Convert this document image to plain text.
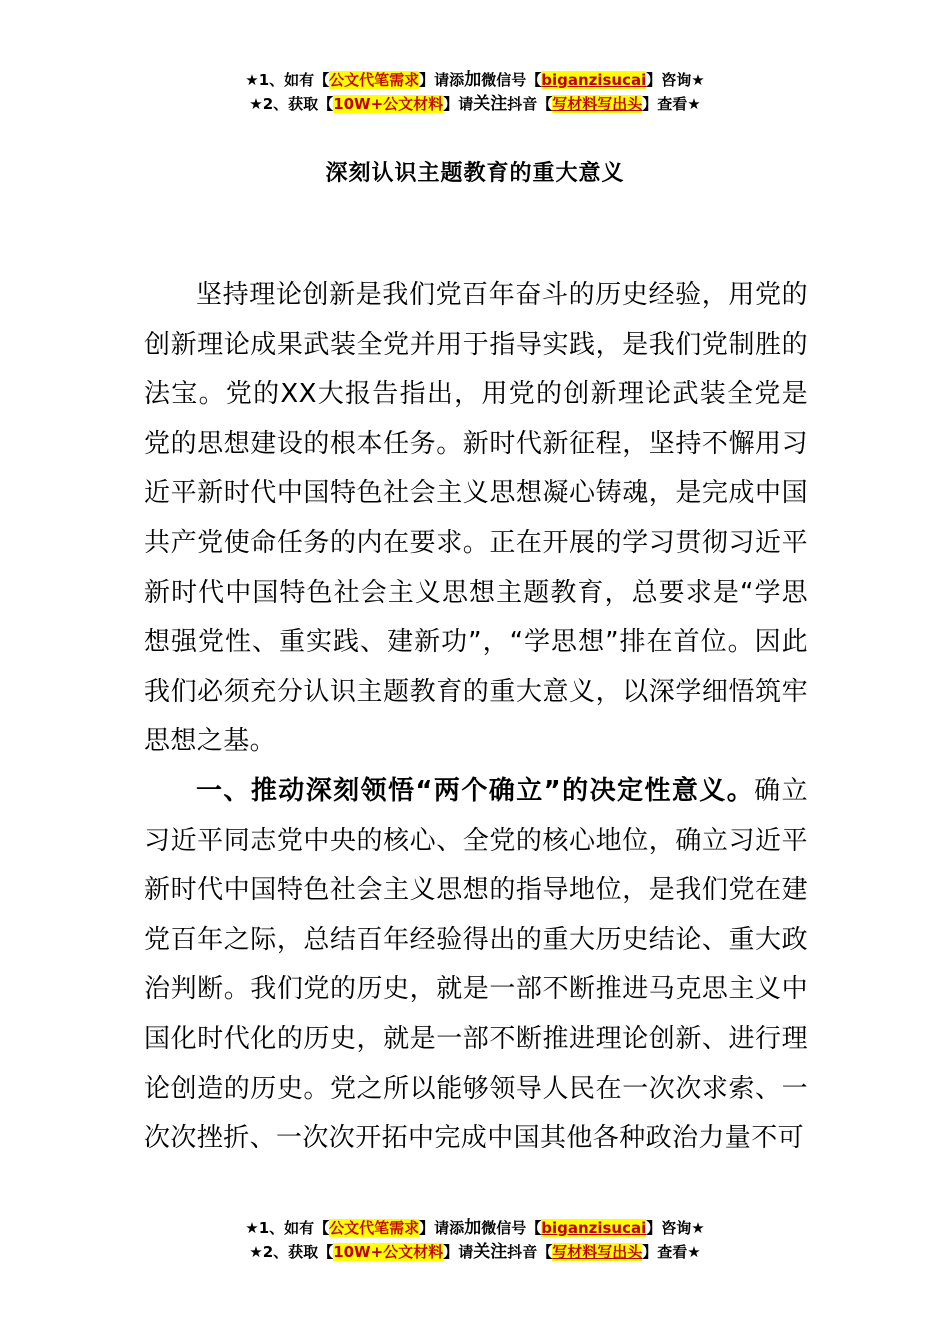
★1、如有【公文代笔需求】请添加微信号【biganzisucai】咨询★
★2、获取【10W+公文材料】请关注抖音【写材料写出头】查看★
深刻认识主题教育的重大意义

坚持理论创新是我们党百年奋斗的历史经验，用党的创新理论成果武装全党并用于指导实践，是我们党制胜的法宝。党的XX大报告指出，用党的创新理论武装全党是党的思想建设的根本任务。新时代新征程，坚持不懈用习近平新时代中国特色社会主义思想凝心铸魂，是完成中国共产党使命任务的内在要求。正在开展的学习贯彻习近平新时代中国特色社会主义思想主题教育，总要求是“学思想强党性、重实践、建新功”，“学思想”排在首位。因此我们必须充分认识主题教育的重大意义，以深学细悟筑牢思想之基。

一、推动深刻领悟“两个确立”的决定性意义。确立习近平同志党中央的核心、全党的核心地位，确立习近平新时代中国特色社会主义思想的指导地位，是我们党在建党百年之际，总结百年经验得出的重大历史结论、重大政治判断。我们党的历史，就是一部不断推进马克思主义中国化时代化的历史，就是一部不断推进理论创新、进行理论创造的历史。党之所以能够领导人民在一次次求索、一次次挫折、一次次开拓中完成中国其他各种政治力量不可

★1、如有【公文代笔需求】请添加微信号【biganzisucai】咨询★
★2、获取【10W+公文材料】请关注抖音【写材料写出头】查看★
